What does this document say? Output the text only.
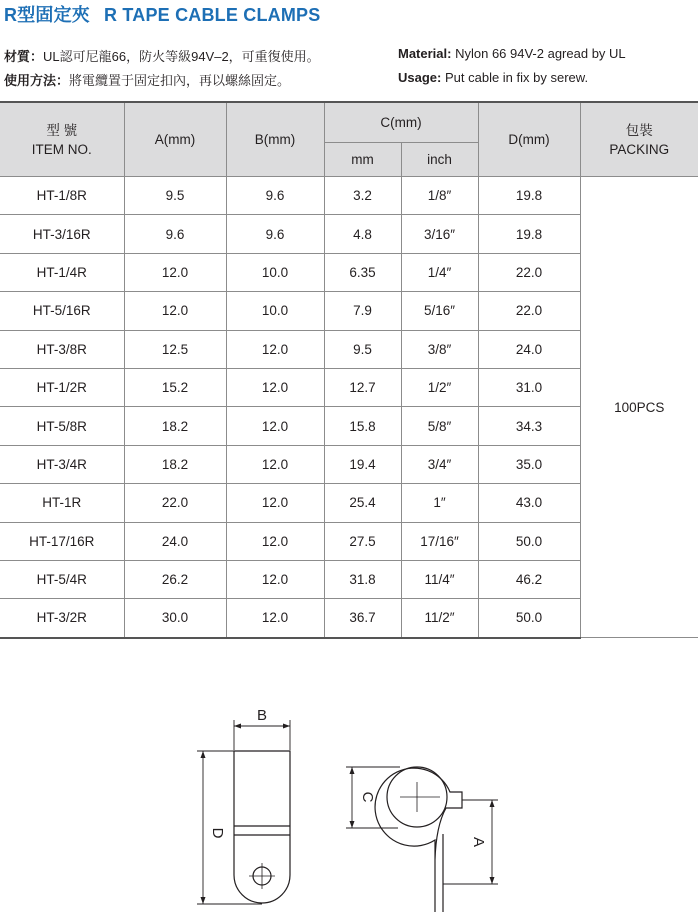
R型固定夾 R TAPE CABLE CLAMPS
材質：UL認可尼龍66，防火等級94V–2，可重復使用。
使用方法：將電纜置于固定扣內，再以螺絲固定。
Material: Nylon 66 94V-2 agread by UL
Usage: Put cable in fix by serew.
型 號
ITEM NO.	A(mm)	B(mm)	C(mm)		D(mm)	包裝
PACKING

			mm	inch		
HT-1/8R	9.5	9.6	3.2	1/8″	19.8	100PCS
HT-3/16R	9.6	9.6	4.8	3/16″	19.8	
HT-1/4R	12.0	10.0	6.35	1/4″	22.0	
HT-5/16R	12.0	10.0	7.9	5/16″	22.0	
HT-3/8R	12.5	12.0	9.5	3/8″	24.0	
HT-1/2R	15.2	12.0	12.7	1/2″	31.0	
HT-5/8R	18.2	12.0	15.8	5/8″	34.3	
HT-3/4R	18.2	12.0	19.4	3/4″	35.0	
HT-1R	22.0	12.0	25.4	1″	43.0	
HT-17/16R	24.0	12.0	27.5	17/16″	50.0	
HT-5/4R	26.2	12.0	31.8	11/4″	46.2	
HT-3/2R	30.0	12.0	36.7	11/2″	50.0	
B
D
C
A
